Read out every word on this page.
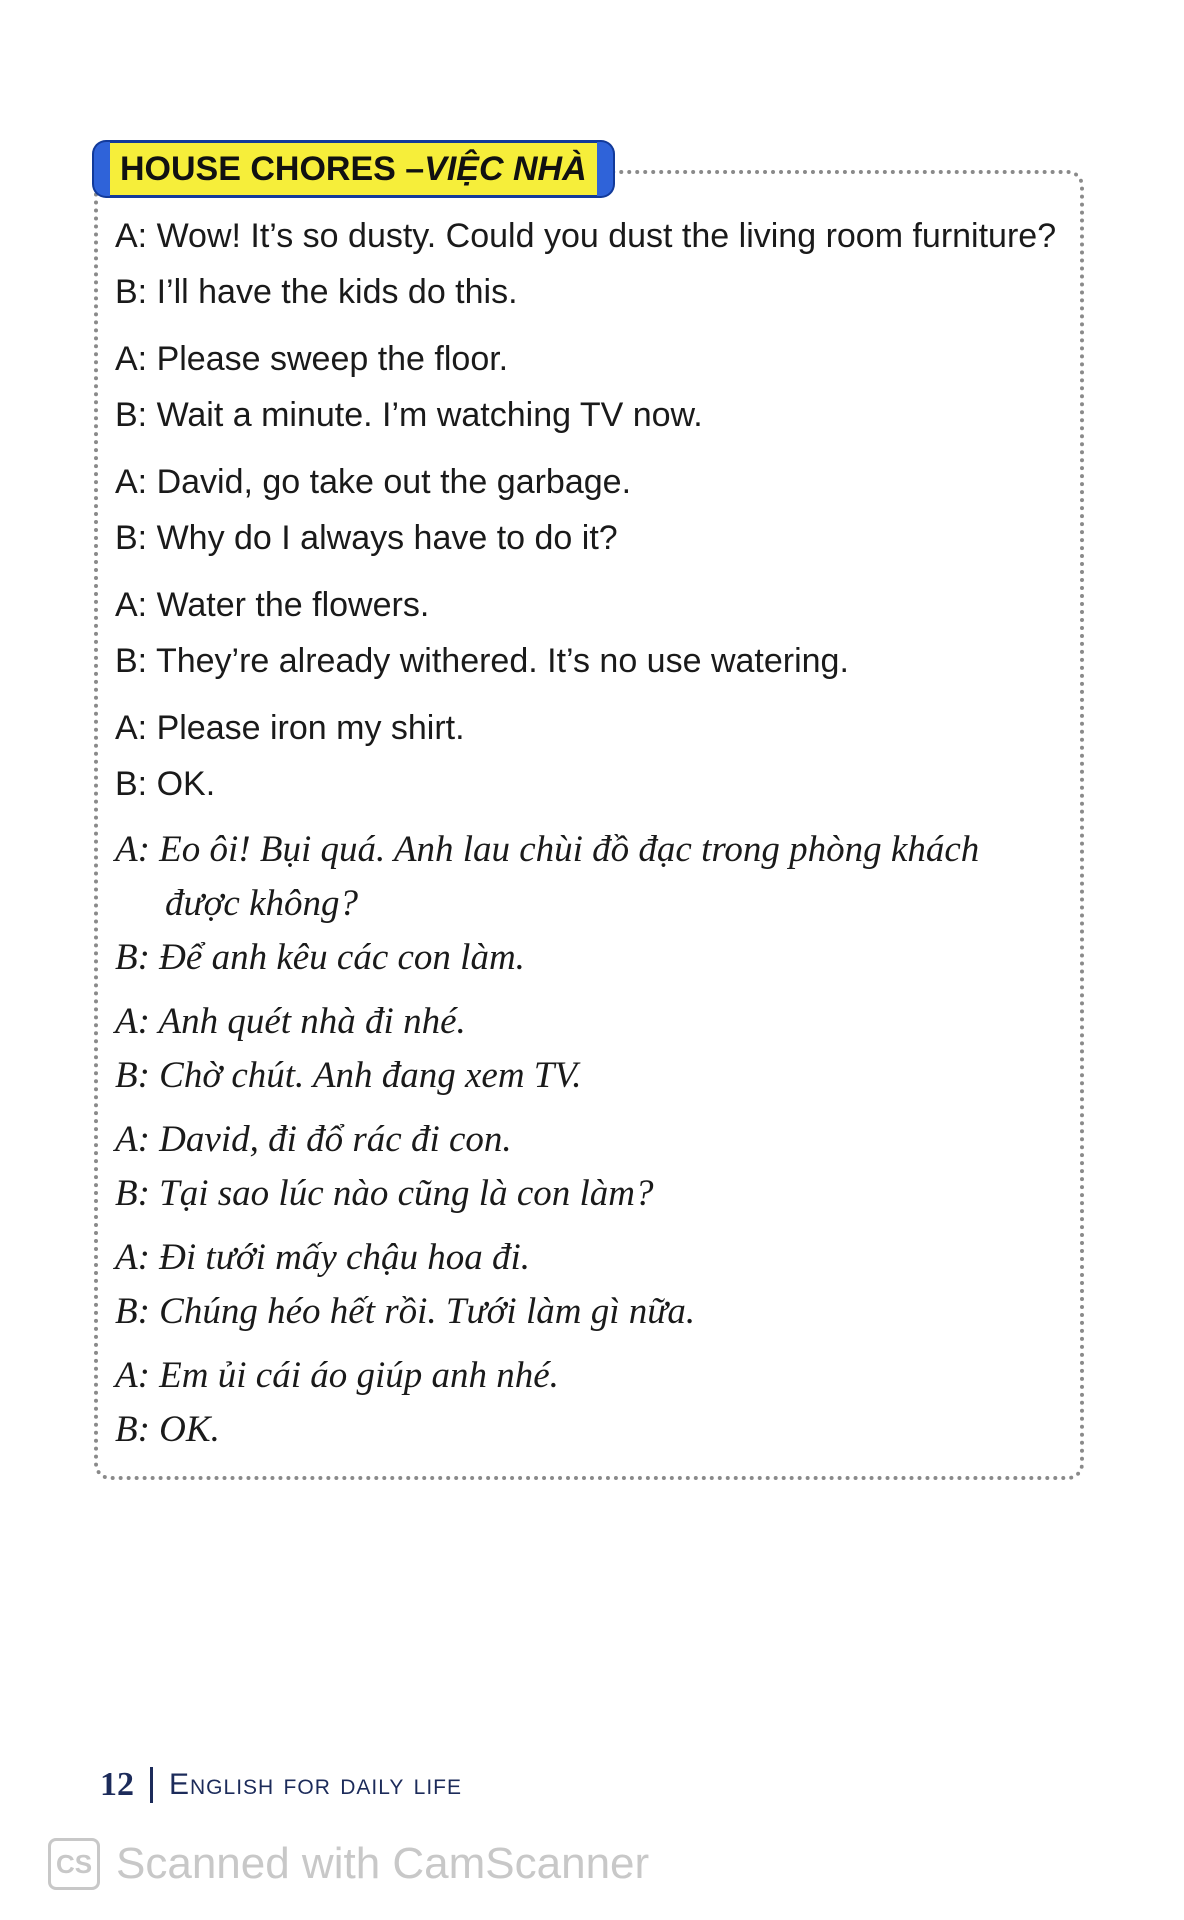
HOUSE CHORES – VIỆC NHÀ
A: Wow! It’s so dusty. Could you dust the living room furniture?
B: I’ll have the kids do this.
A: Please sweep the floor.
B: Wait a minute. I’m watching TV now.
A: David, go take out the garbage.
B: Why do I always have to do it?
A: Water the flowers.
B: They’re already withered. It’s no use watering.
A: Please iron my shirt.
B: OK.
A: Eo ôi! Bụi quá. Anh lau chùi đồ đạc trong phòng khách
được không?
B: Để anh kêu các con làm.
A: Anh quét nhà đi nhé.
B: Chờ chút. Anh đang xem TV.
A: David, đi đổ rác đi con.
B: Tại sao lúc nào cũng là con làm?
A: Đi tưới mấy chậu hoa đi.
B: Chúng héo hết rồi. Tưới làm gì nữa.
A: Em ủi cái áo giúp anh nhé.
B: OK.
12 English for daily life
CS Scanned with CamScanner
